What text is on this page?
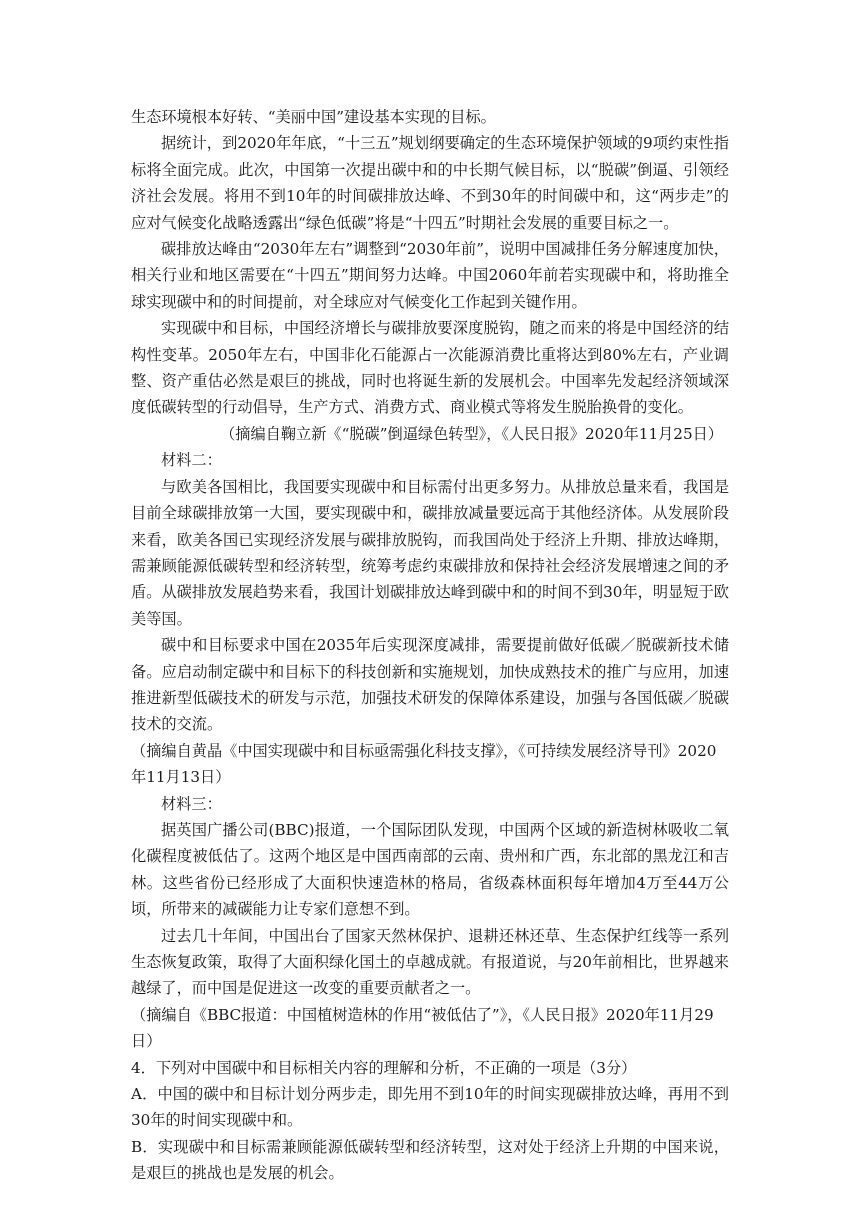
生态环境根本好转、“美丽中国”建设基本实现的目标。

据统计，到2020年年底，“十三五”规划纲要确定的生态环境保护领域的9项约束性指标将全面完成。此次，中国第一次提出碳中和的中长期气候目标，以“脱碳”倒逼、引领经济社会发展。将用不到10年的时间碳排放达峰、不到30年的时间碳中和，这“两步走”的应对气候变化战略透露出“绿色低碳”将是“十四五”时期社会发展的重要目标之一。

碳排放达峰由“2030年左右”调整到“2030年前”，说明中国减排任务分解速度加快，相关行业和地区需要在“十四五”期间努力达峰。中国2060年前若实现碳中和，将助推全球实现碳中和的时间提前，对全球应对气候变化工作起到关键作用。

实现碳中和目标，中国经济增长与碳排放要深度脱钩，随之而来的将是中国经济的结构性变革。2050年左右，中国非化石能源占一次能源消费比重将达到80%左右，产业调整、资产重估必然是艰巨的挑战，同时也将诞生新的发展机会。中国率先发起经济领域深度低碳转型的行动倡导，生产方式、消费方式、商业模式等将发生脱胎换骨的变化。

（摘编自鞠立新《“脱碳”倒逼绿色转型》，《人民日报》2020年11月25日）

材料二：

与欧美各国相比，我国要实现碳中和目标需付出更多努力。从排放总量来看，我国是目前全球碳排放第一大国，要实现碳中和，碳排放减量要远高于其他经济体。从发展阶段来看，欧美各国已实现经济发展与碳排放脱钩，而我国尚处于经济上升期、排放达峰期，需兼顾能源低碳转型和经济转型，统筹考虑约束碳排放和保持社会经济发展增速之间的矛盾。从碳排放发展趋势来看，我国计划碳排放达峰到碳中和的时间不到30年，明显短于欧美等国。

碳中和目标要求中国在2035年后实现深度减排，需要提前做好低碳／脱碳新技术储备。应启动制定碳中和目标下的科技创新和实施规划，加快成熟技术的推广与应用，加速推进新型低碳技术的研发与示范，加强技术研发的保障体系建设，加强与各国低碳／脱碳技术的交流。

（摘编自黄晶《中国实现碳中和目标亟需强化科技支撑》，《可持续发展经济导刊》2020年11月13日）

材料三：

据英国广播公司(BBC)报道，一个国际团队发现，中国两个区域的新造树林吸收二氧化碳程度被低估了。这两个地区是中国西南部的云南、贵州和广西，东北部的黑龙江和吉林。这些省份已经形成了大面积快速造林的格局，省级森林面积每年增加4万至44万公顷，所带来的减碳能力让专家们意想不到。

过去几十年间，中国出台了国家天然林保护、退耕还林还草、生态保护红线等一系列生态恢复政策，取得了大面积绿化国土的卓越成就。有报道说，与20年前相比，世界越来越绿了，而中国是促进这一改变的重要贡献者之一。

（摘编自《BBC报道：中国植树造林的作用“被低估了”》，《人民日报》2020年11月29日）

4．下列对中国碳中和目标相关内容的理解和分析，不正确的一项是（3分）

A．中国的碳中和目标计划分两步走，即先用不到10年的时间实现碳排放达峰，再用不到30年的时间实现碳中和。

B．实现碳中和目标需兼顾能源低碳转型和经济转型，这对处于经济上升期的中国来说，是艰巨的挑战也是发展的机会。
